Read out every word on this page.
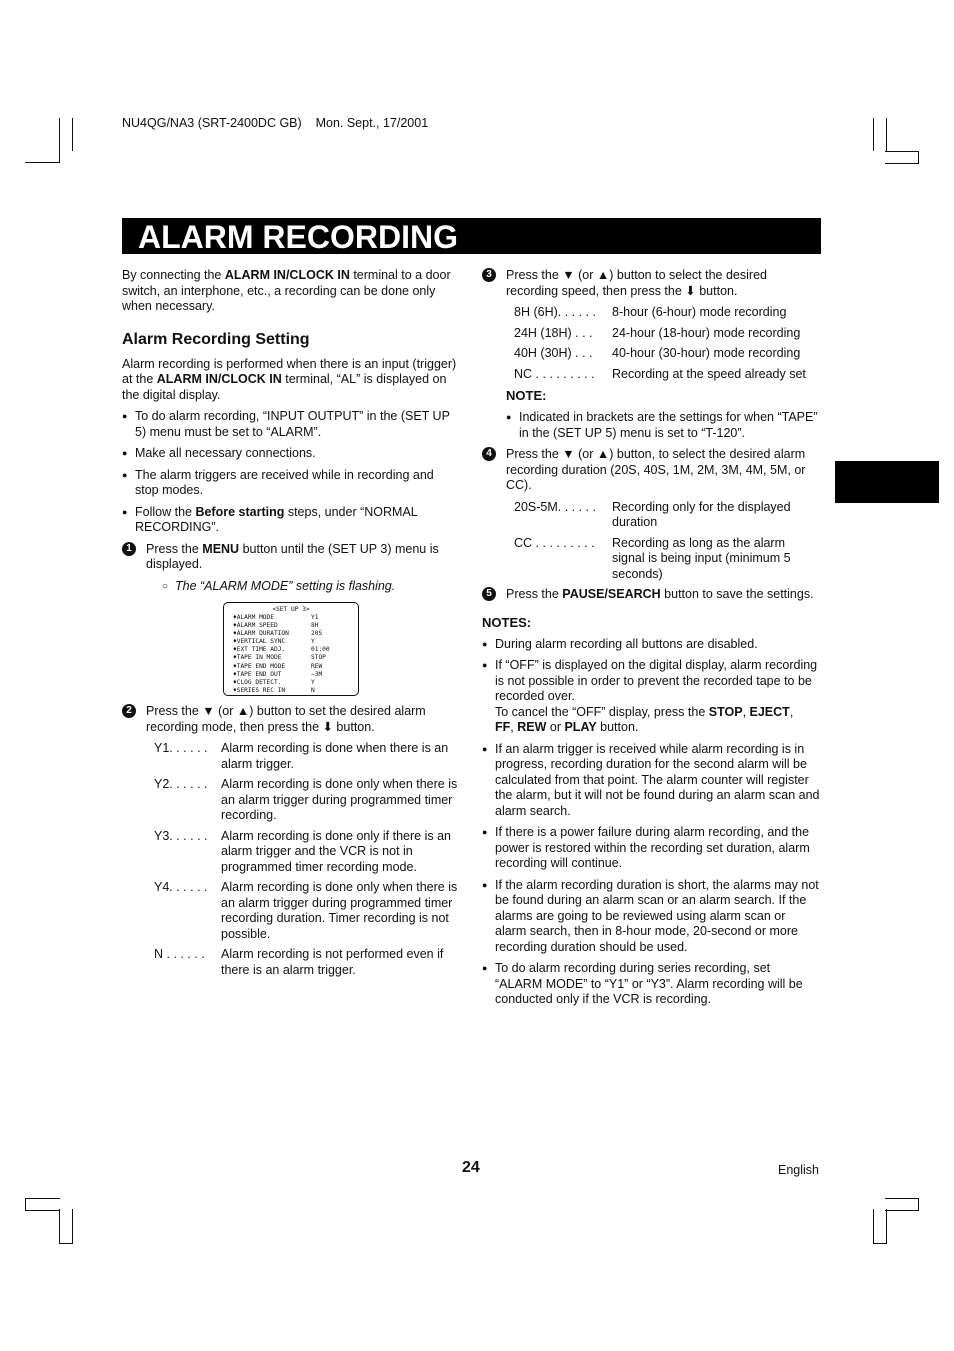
NU4QG/NA3 (SRT-2400DC GB)    Mon. Sept., 17/2001
ALARM RECORDING

By connecting the ALARM IN/CLOCK IN terminal to a door switch, an interphone, etc., a recording can be done only when necessary.

Alarm Recording Setting

Alarm recording is performed when there is an input (trigger) at the ALARM IN/CLOCK IN terminal, “AL” is displayed on the digital display.

● To do alarm recording, “INPUT OUTPUT” in the (SET UP 5) menu must be set to “ALARM”.
● Make all necessary connections.
● The alarm triggers are received while in recording and stop modes.
● Follow the Before starting steps, under “NORMAL RECORDING”.
1	Press the MENU button until the (SET UP 3) menu is displayed.
○ The “ALARM MODE” setting is flashing.
<SET UP 3>
♦ALARM MODE	Y1
♦ALARM SPEED	8H
♦ALARM DURATION	20S
♦VERTICAL SYNC	Y
♦EXT TIME ADJ.	01:00
♦TAPE IN MODE	STOP
♦TAPE END MODE	REW
♦TAPE END OUT	−3M
♦CLOG DETECT.	Y
♦SERIES REC IN	N
2	Press the ▼ (or ▲) button to set the desired alarm recording mode, then press the ⬇ button.
Y1. . . . . .	Alarm recording is done when there is an alarm trigger.
Y2. . . . . .	Alarm recording is done only when there is an alarm trigger during programmed timer recording.
Y3. . . . . .	Alarm recording is done only if there is an alarm trigger and the VCR is not in programmed timer recording mode.
Y4. . . . . .	Alarm recording is done only when there is an alarm trigger during programmed timer recording duration. Timer recording is not possible.
N . . . . . .	Alarm recording is not performed even if there is an alarm trigger.
3	Press the ▼ (or ▲) button to select the desired recording speed, then press the ⬇ button.
8H (6H). . . . . .	8-hour (6-hour) mode recording
24H (18H) . . .	24-hour (18-hour) mode recording
40H (30H) . . .	40-hour (30-hour) mode recording
NC . . . . . . . . .	Recording at the speed already set
NOTE:
● Indicated in brackets are the settings for when “TAPE” in the (SET UP 5) menu is set to “T-120”.
4	Press the ▼ (or ▲) button, to select the desired alarm recording duration (20S, 40S, 1M, 2M, 3M, 4M, 5M, or CC).
20S-5M. . . . . .	Recording only for the displayed duration
CC . . . . . . . . .	Recording as long as the alarm signal is being input (minimum 5 seconds)
5	Press the PAUSE/SEARCH button to save the settings.
NOTES:
● During alarm recording all buttons are disabled.
● If “OFF” is displayed on the digital display, alarm recording is not possible in order to prevent the recorded tape to be recorded over.
To cancel the “OFF” display, press the STOP, EJECT,
FF, REW or PLAY button.
● If an alarm trigger is received while alarm recording is in progress, recording duration for the second alarm will be calculated from that point. The alarm counter will register the alarm, but it will not be found during an alarm scan and alarm search.
● If there is a power failure during alarm recording, and the power is restored within the recording set duration, alarm recording will continue.
● If the alarm recording duration is short, the alarms may not be found during an alarm scan or an alarm search. If the alarms are going to be reviewed using alarm scan or alarm search, then in 8-hour mode, 20-second or more recording duration should be used.
● To do alarm recording during series recording, set “ALARM MODE” to “Y1” or “Y3”. Alarm recording will be conducted only if the VCR is recording.
24	English
